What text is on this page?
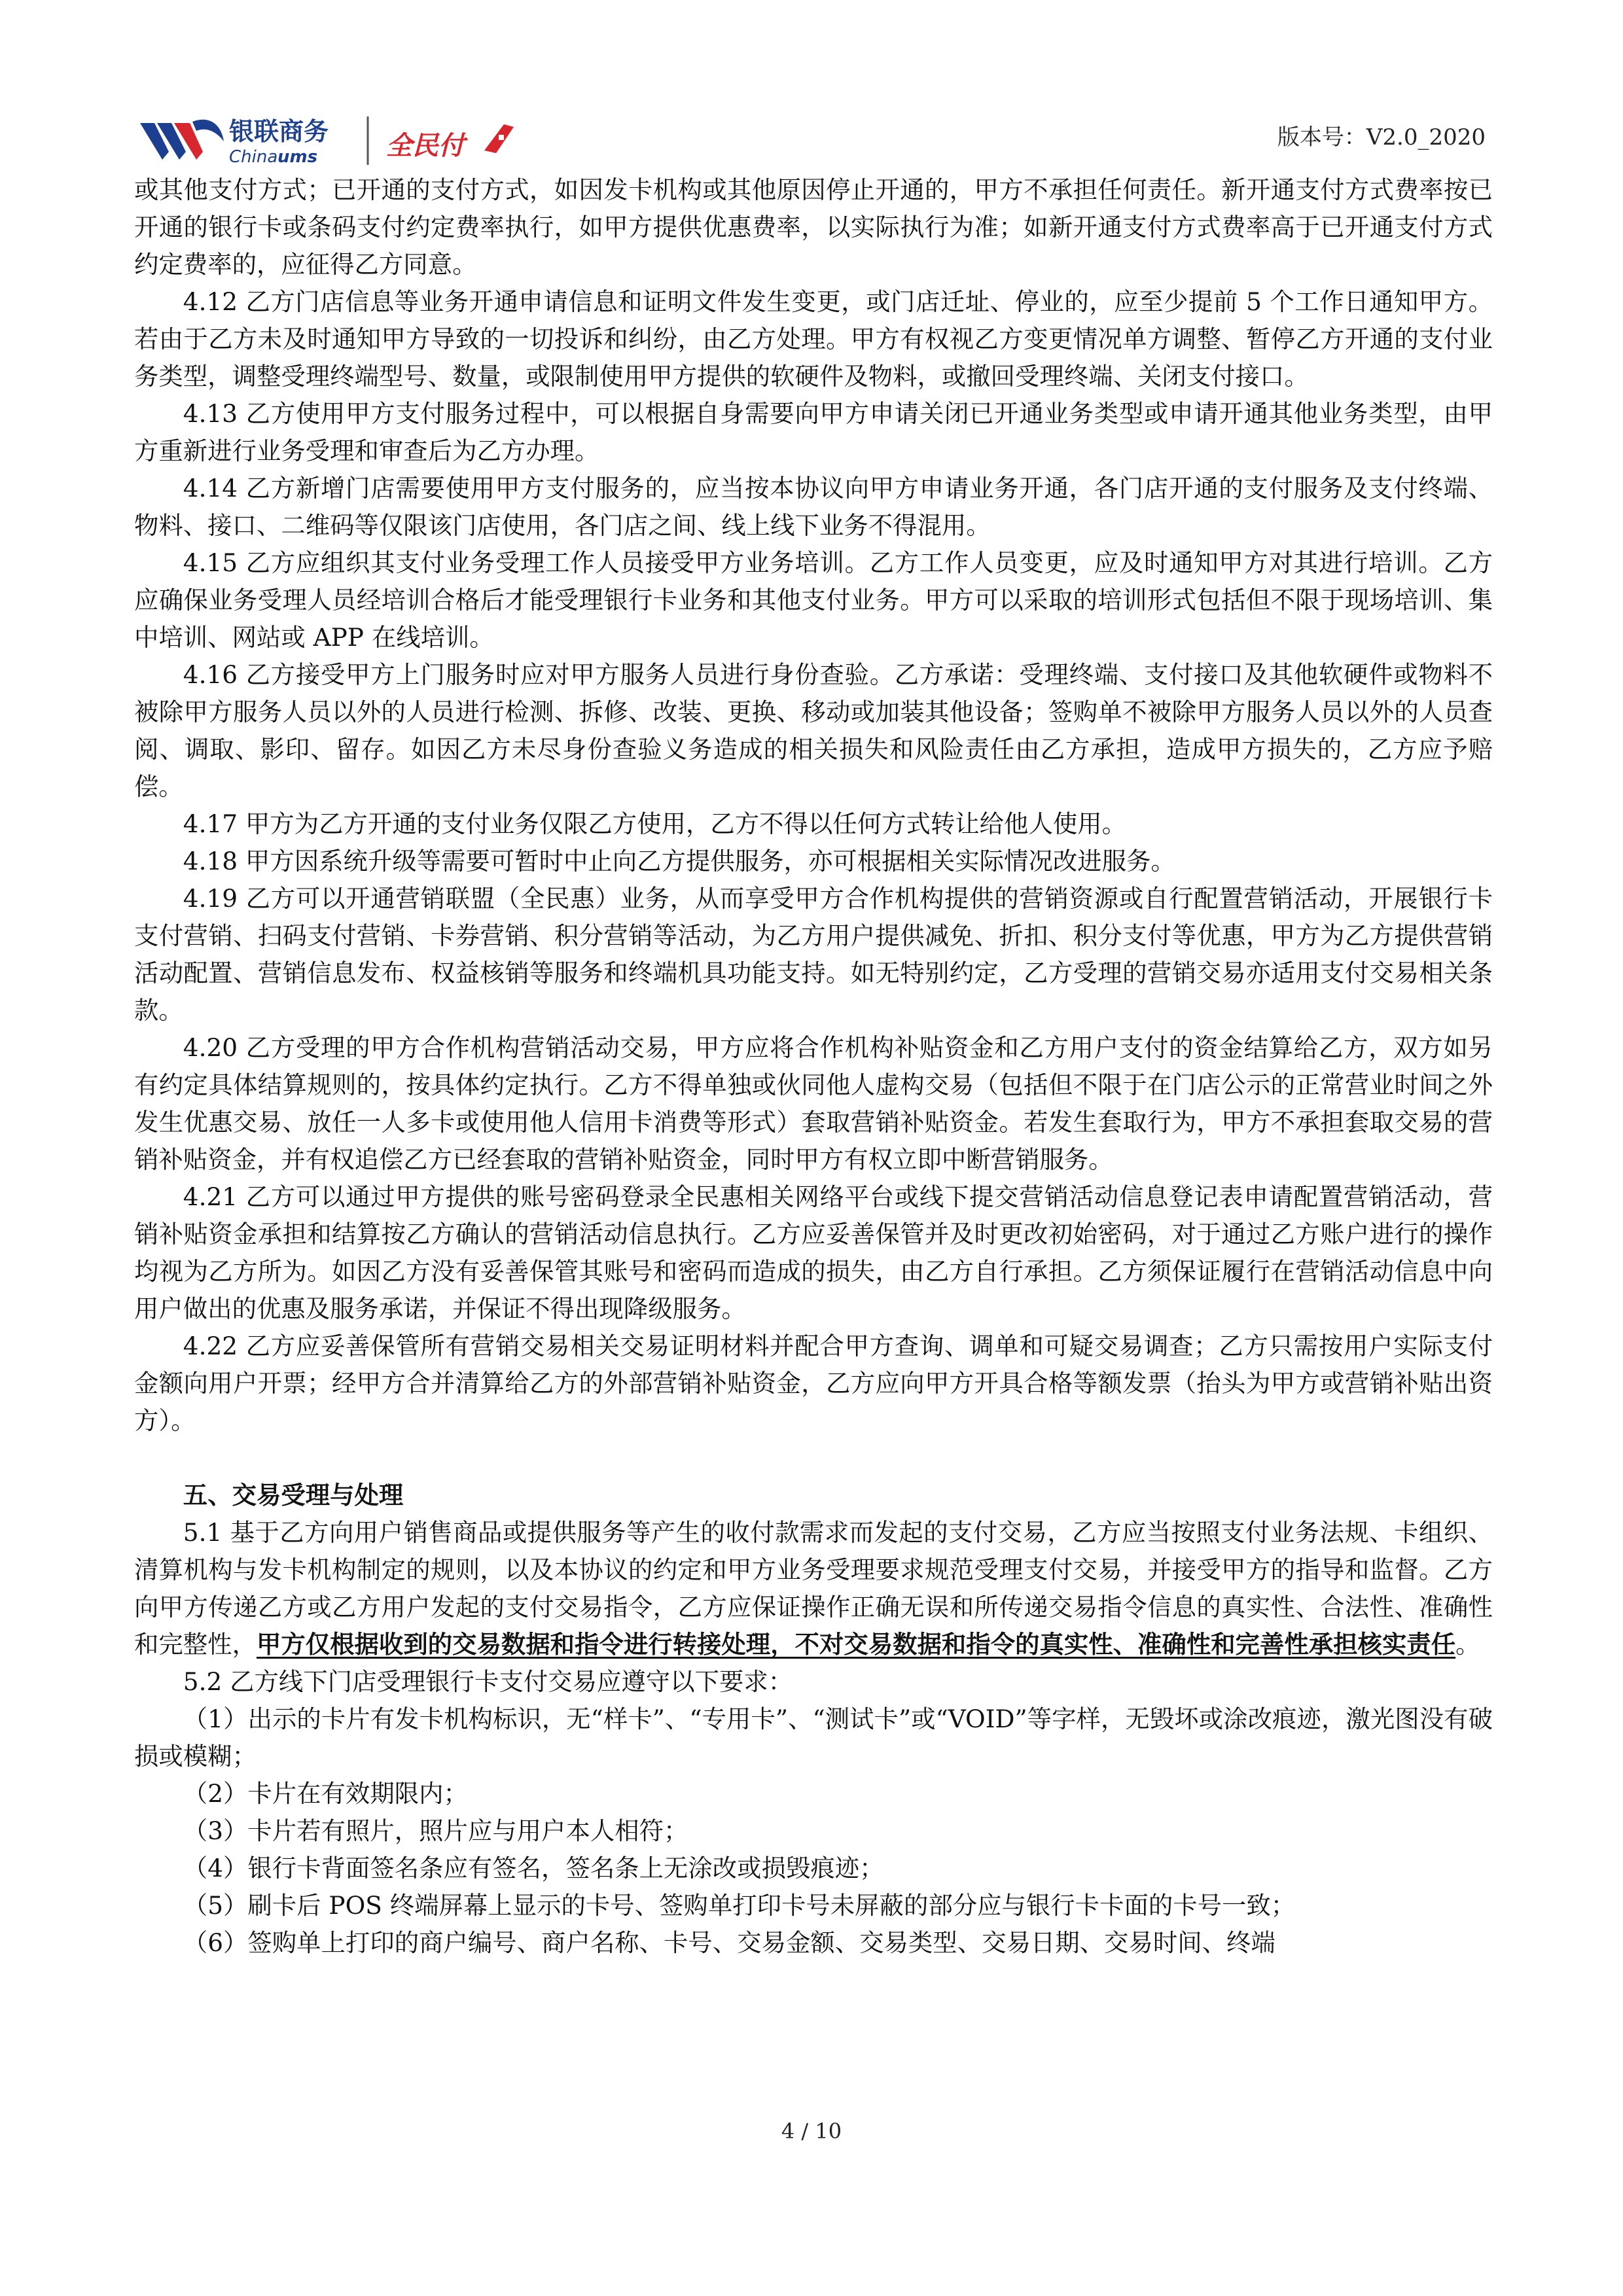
银联商务
China ums	全民付	版本号：V2.0_2020

或其他支付方式；已开通的支付方式，如因发卡机构或其他原因停止开通的，甲方不承担任何责任。新开通支付方式费率按已开通的银行卡或条码支付约定费率执行，如甲方提供优惠费率，以实际执行为准；如新开通支付方式费率高于已开通支付方式约定费率的，应征得乙方同意。

4.12 乙方门店信息等业务开通申请信息和证明文件发生变更，或门店迁址、停业的，应至少提前 5 个工作日通知甲方。若由于乙方未及时通知甲方导致的一切投诉和纠纷，由乙方处理。甲方有权视乙方变更情况单方调整、暂停乙方开通的支付业务类型，调整受理终端型号、数量，或限制使用甲方提供的软硬件及物料，或撤回受理终端、关闭支付接口。

4.13 乙方使用甲方支付服务过程中，可以根据自身需要向甲方申请关闭已开通业务类型或申请开通其他业务类型，由甲方重新进行业务受理和审查后为乙方办理。

4.14 乙方新增门店需要使用甲方支付服务的，应当按本协议向甲方申请业务开通，各门店开通的支付服务及支付终端、物料、接口、二维码等仅限该门店使用，各门店之间、线上线下业务不得混用。

4.15 乙方应组织其支付业务受理工作人员接受甲方业务培训。乙方工作人员变更，应及时通知甲方对其进行培训。乙方应确保业务受理人员经培训合格后才能受理银行卡业务和其他支付业务。甲方可以采取的培训形式包括但不限于现场培训、集中培训、网站或 APP 在线培训。

4.16 乙方接受甲方上门服务时应对甲方服务人员进行身份查验。乙方承诺：受理终端、支付接口及其他软硬件或物料不被除甲方服务人员以外的人员进行检测、拆修、改装、更换、移动或加装其他设备；签购单不被除甲方服务人员以外的人员查阅、调取、影印、留存。如因乙方未尽身份查验义务造成的相关损失和风险责任由乙方承担，造成甲方损失的，乙方应予赔偿。

4.17 甲方为乙方开通的支付业务仅限乙方使用，乙方不得以任何方式转让给他人使用。

4.18 甲方因系统升级等需要可暂时中止向乙方提供服务，亦可根据相关实际情况改进服务。

4.19 乙方可以开通营销联盟（全民惠）业务，从而享受甲方合作机构提供的营销资源或自行配置营销活动，开展银行卡支付营销、扫码支付营销、卡券营销、积分营销等活动，为乙方用户提供减免、折扣、积分支付等优惠，甲方为乙方提供营销活动配置、营销信息发布、权益核销等服务和终端机具功能支持。如无特别约定，乙方受理的营销交易亦适用支付交易相关条款。

4.20 乙方受理的甲方合作机构营销活动交易，甲方应将合作机构补贴资金和乙方用户支付的资金结算给乙方，双方如另有约定具体结算规则的，按具体约定执行。乙方不得单独或伙同他人虚构交易（包括但不限于在门店公示的正常营业时间之外发生优惠交易、放任一人多卡或使用他人信用卡消费等形式）套取营销补贴资金。若发生套取行为，甲方不承担套取交易的营销补贴资金，并有权追偿乙方已经套取的营销补贴资金，同时甲方有权立即中断营销服务。

4.21 乙方可以通过甲方提供的账号密码登录全民惠相关网络平台或线下提交营销活动信息登记表申请配置营销活动，营销补贴资金承担和结算按乙方确认的营销活动信息执行。乙方应妥善保管并及时更改初始密码，对于通过乙方账户进行的操作均视为乙方所为。如因乙方没有妥善保管其账号和密码而造成的损失，由乙方自行承担。乙方须保证履行在营销活动信息中向用户做出的优惠及服务承诺，并保证不得出现降级服务。

4.22 乙方应妥善保管所有营销交易相关交易证明材料并配合甲方查询、调单和可疑交易调查；乙方只需按用户实际支付金额向用户开票；经甲方合并清算给乙方的外部营销补贴资金，乙方应向甲方开具合格等额发票（抬头为甲方或营销补贴出资方）。

五、交易受理与处理

5.1 基于乙方向用户销售商品或提供服务等产生的收付款需求而发起的支付交易，乙方应当按照支付业务法规、卡组织、清算机构与发卡机构制定的规则，以及本协议的约定和甲方业务受理要求规范受理支付交易，并接受甲方的指导和监督。乙方向甲方传递乙方或乙方用户发起的支付交易指令，乙方应保证操作正确无误和所传递交易指令信息的真实性、合法性、准确性和完整性，甲方仅根据收到的交易数据和指令进行转接处理，不对交易数据和指令的真实性、准确性和完善性承担核实责任。

5.2 乙方线下门店受理银行卡支付交易应遵守以下要求：

（1）出示的卡片有发卡机构标识，无“样卡”、“专用卡”、“测试卡”或“VOID”等字样，无毁坏或涂改痕迹，激光图没有破损或模糊；

（2）卡片在有效期限内；

（3）卡片若有照片，照片应与用户本人相符；

（4）银行卡背面签名条应有签名，签名条上无涂改或损毁痕迹；

（5）刷卡后 POS 终端屏幕上显示的卡号、签购单打印卡号未屏蔽的部分应与银行卡卡面的卡号一致；

（6）签购单上打印的商户编号、商户名称、卡号、交易金额、交易类型、交易日期、交易时间、终端

4 / 10
